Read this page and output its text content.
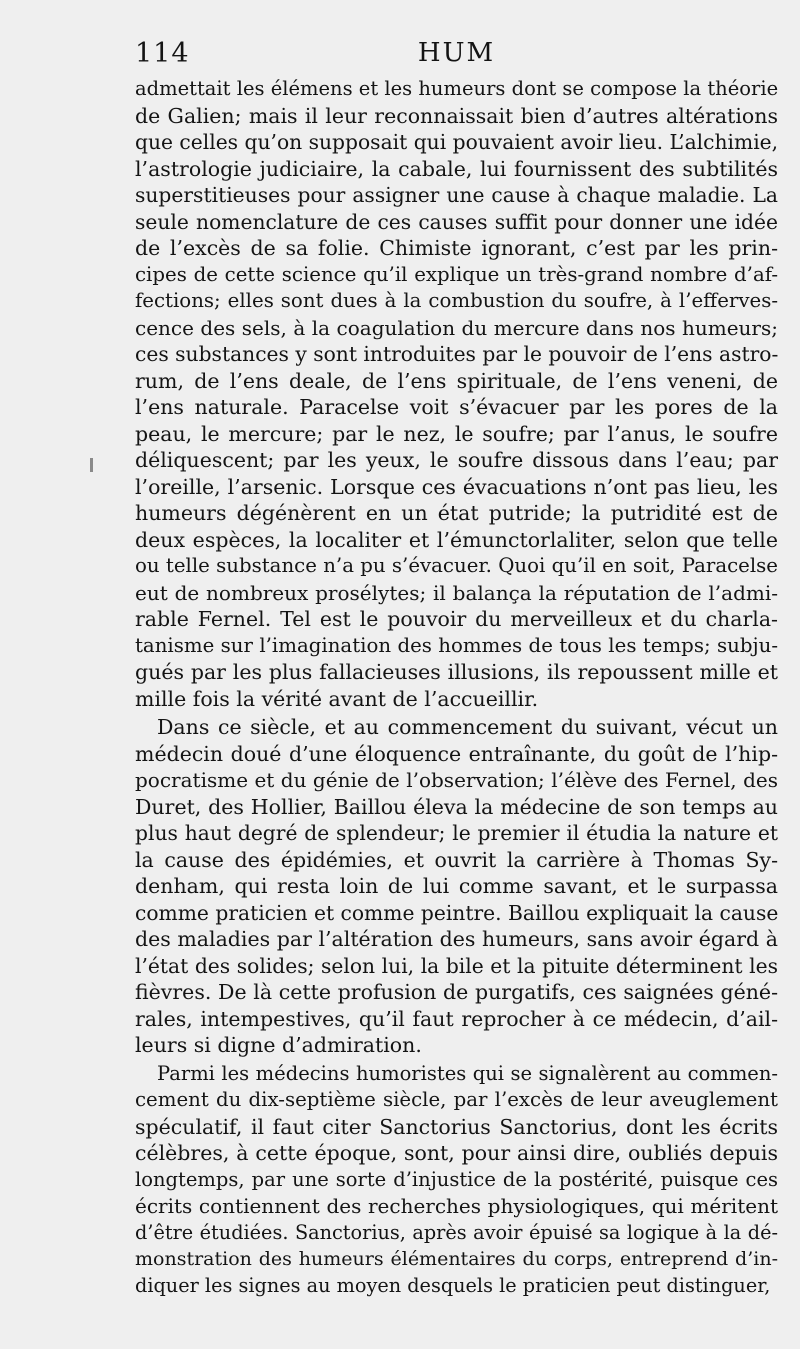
114	HUM
admettait les élémens et les humeurs dont se compose la théorie
de Galien; mais il leur reconnaissait bien d’autres altérations
que celles qu’on supposait qui pouvaient avoir lieu. L’alchimie,
l’astrologie judiciaire, la cabale, lui fournissent des subtilités
superstitieuses pour assigner une cause à chaque maladie. La
seule nomenclature de ces causes suffit pour donner une idée
de l’excès de sa folie. Chimiste ignorant, c’est par les prin-
cipes de cette science qu’il explique un très-grand nombre d’af-
fections; elles sont dues à la combustion du soufre, à l’efferves-
cence des sels, à la coagulation du mercure dans nos humeurs;
ces substances y sont introduites par le pouvoir de l’ens astro-
rum, de l’ens deale, de l’ens spirituale, de l’ens veneni, de
l’ens naturale. Paracelse voit s’évacuer par les pores de la
peau, le mercure; par le nez, le soufre; par l’anus, le soufre
déliquescent; par les yeux, le soufre dissous dans l’eau; par
l’oreille, l’arsenic. Lorsque ces évacuations n’ont pas lieu, les
humeurs dégénèrent en un état putride; la putridité est de
deux espèces, la localiter et l’émunctorlaliter, selon que telle
ou telle substance n’a pu s’évacuer. Quoi qu’il en soit, Paracelse
eut de nombreux prosélytes; il balança la réputation de l’admi-
rable Fernel. Tel est le pouvoir du merveilleux et du charla-
tanisme sur l’imagination des hommes de tous les temps; subju-
gués par les plus fallacieuses illusions, ils repoussent mille et
mille fois la vérité avant de l’accueillir.
Dans ce siècle, et au commencement du suivant, vécut un
médecin doué d’une éloquence entraînante, du goût de l’hip-
pocratisme et du génie de l’observation; l’élève des Fernel, des
Duret, des Hollier, Baillou éleva la médecine de son temps au
plus haut degré de splendeur; le premier il étudia la nature et
la cause des épidémies, et ouvrit la carrière à Thomas Sy-
denham, qui resta loin de lui comme savant, et le surpassa
comme praticien et comme peintre. Baillou expliquait la cause
des maladies par l’altération des humeurs, sans avoir égard à
l’état des solides; selon lui, la bile et la pituite déterminent les
fièvres. De là cette profusion de purgatifs, ces saignées géné-
rales, intempestives, qu’il faut reprocher à ce médecin, d’ail-
leurs si digne d’admiration.
Parmi les médecins humoristes qui se signalèrent au commen-
cement du dix-septième siècle, par l’excès de leur aveuglement
spéculatif, il faut citer Sanctorius Sanctorius, dont les écrits
célèbres, à cette époque, sont, pour ainsi dire, oubliés depuis
longtemps, par une sorte d’injustice de la postérité, puisque ces
écrits contiennent des recherches physiologiques, qui méritent
d’être étudiées. Sanctorius, après avoir épuisé sa logique à la dé-
monstration des humeurs élémentaires du corps, entreprend d’in-
diquer les signes au moyen desquels le praticien peut distinguer,
